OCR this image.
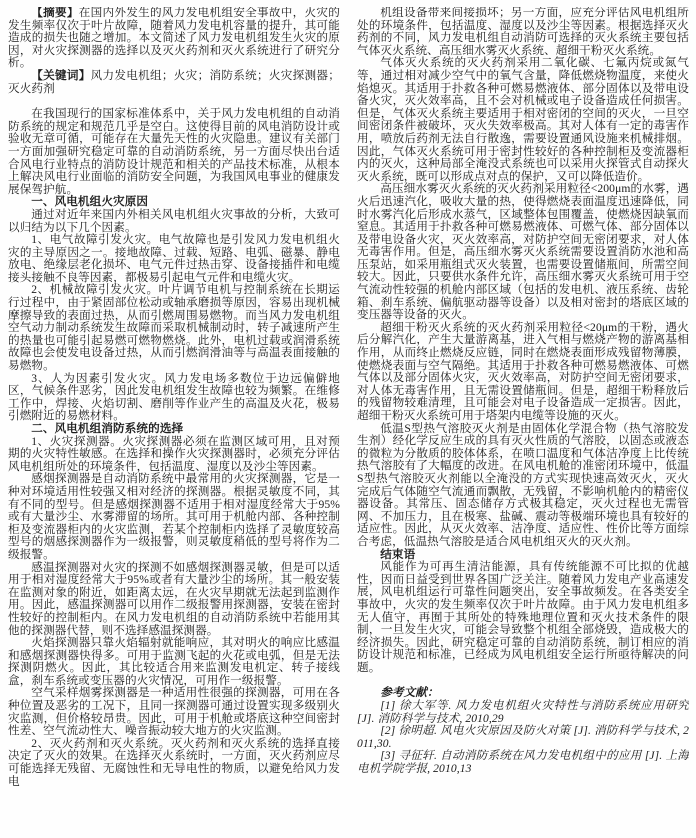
【摘要】在国内外发生的风力发电机组安全事故中，火灾的发生频率仅次于叶片故障，随着风力发电机容量的提升，其可能造成的损失也随之增加。本文简述了风力发电机组发生火灾的原因，对火灾探测器的选择以及灭火药剂和灭火系统进行了研究分析。

【关键词】风力发电机组；火灾；消防系统；火灾探测器；灭火药剂

在我国现行的国家标准体系中，关于风力发电机组的自动消防系统的规定和规范几乎是空白。这使得目前的风电消防设计或验收无章可循，可能存在大量先天性的火灾隐患。建议有关部门一方面加强研究稳定可靠的自动消防系统，另一方面尽快出台适合风电行业特点的消防设计规范和相关的产品技术标准，从根本上解决风电行业面临的消防安全问题，为我国风电事业的健康发展保驾护航。

一、风电机组火灾原因

通过对近年来国内外相关风电机组火灾事故的分析，大致可以归结为以下几个因素。

1、电气故障引发火灾。电气故障也是引发风力发电机组火灾的主导原因之一。接地故障、过载、短路、电弧、磁暴、静电放电、绝缘层老化损坏、电气元件过热击穿、设备接插件和电缆接头接触不良等因素，都极易引起电气元件和电缆火灾。

2、机械故障引发火灾。叶片调节电机与控制系统在长期运行过程中，由于紧固部位松动或轴承磨损等原因，容易出现机械摩擦导致的表面过热，从而引燃周围易燃物。而当风力发电机组空气动力制动系统发生故障而采取机械制动时，转子减速所产生的热量也可能引起易燃可燃物燃烧。此外，电机过载或润滑系统故障也会使发电设备过热，从而引燃润滑油等与高温表面接触的易燃物。

3、人为因素引发火灾。风力发电场多数位于边远偏僻地区，气候条件恶劣，因此发电机组发生故障也较为频繁。在维修工作中，焊接、火焰切割、磨削等作业产生的高温及火花，极易引燃附近的易燃材料。

二、风电机组消防系统的选择

1、火灾探测器。火灾探测器必须在监测区域可用，且对预期的火灾特性敏感。在选择和操作火灾探测器时，必须充分评估风电机组所处的环境条件，包括温度、湿度以及沙尘等因素。

感烟探测器是自动消防系统中最常用的火灾探测器，它是一种对环境适用性较强又相对经济的探测器。根据灵敏度不同，其有不同的型号。但是感烟探测器不适用于相对湿度经常大于95%或有大量沙尘、水雾滞留的场所。其可用于机舱内部、各种控制柜及变流器柜内的火灾监测，若某个控制柜内选择了灵敏度较高型号的烟感探测器作为一级报警，则灵敏度稍低的型号将作为二级报警。

感温探测器对火灾的探测不如感烟探测器灵敏，但是可以适用于相对湿度经常大于95%或者有大量沙尘的场所。其一般安装在监测对象的附近，如距离太远，在火灾早期就无法起到监测作用。因此，感温探测器可以用作二级报警用探测器，安装在密封性较好的控制柜内。在风力发电机组的自动消防系统中若能用其他的探测器代替，则不选择感温探测器。

火焰探测器只靠火焰辐射就能响应，其对明火的响应比感温和感烟探测器快得多。可用于监测飞起的火花或电弧，但是无法探测阴燃火。因此，其比较适合用来监测发电机定、转子接线盒，刹车系统或变压器的火灾情况，可用作一级报警。

空气采样烟雾探测器是一种适用性很强的探测器，可用在各种位置及恶劣的工况下，且同一探测器可通过设置实现多级别火灾监测，但价格较昂贵。因此，可用于机舱或塔底这种空间密封性差、空气流动性大、噪音振动较大地方的火灾监测。

2、灭火药剂和灭火系统。灭火药剂和灭火系统的选择直接决定了灭火的效果。在选择灭火系统时，一方面，灭火药剂应尽可能选择无残留、无腐蚀性和无导电性的物质，以避免给风力发电

机组设备带来间接损坏；另一方面，应充分评估风电机组所处的环境条件，包括温度、湿度以及沙尘等因素。根据选择灭火药剂的不同，风力发电机组自动消防可选择的灭火系统主要包括气体灭火系统、高压细水雾灭火系统、超细干粉灭火系统。

气体灭火系统的灭火药剂采用二氧化碳、七氟丙烷或氮气等，通过相对减少空气中的氧气含量，降低燃烧物温度，来使火焰熄灭。其适用于扑救各种可燃易燃液体、部分固体以及带电设备火灾，灭火效率高，且不会对机械或电子设备造成任何损害。但是，气体灭火系统主要适用于相对密闭的空间的灭火，一旦空间密闭条件被破坏，灭火失效率极高。其对人体有一定的毒害作用，喷放后药剂无法自行散逸，需要设置通风设施来机械排烟。因此，气体灭火系统可用于密封性较好的各种控制柜及变流器柜内的灭火，这种局部全淹没式系统也可以采用火探管式自动探火灭火系统，既可以形成点对点的保护，又可以降低造价。

高压细水雾灭火系统的灭火药剂采用粒径<200μm的水雾，遇火后迅速汽化，吸收大量的热，使得燃烧表面温度迅速降低，同时水雾汽化后形成水蒸气，区域整体包围覆盖，使燃烧因缺氧而窒息。其适用于扑救各种可燃易燃液体、可燃气体、部分固体以及带电设备火灾，灭火效率高，对防护空间无密闭要求，对人体无毒害作用。但是，高压细水雾灭火系统需要设置消防水池和高压泵站，如采用瓶组式灭火装置，也需要设置储瓶间，所需空间较大。因此，只要供水条件允许，高压细水雾灭火系统可用于空气流动性较强的机舱内部区域（包括的发电机、液压系统、齿轮箱、刹车系统、偏航驱动器等设备）以及相对密封的塔底区域的变压器等设备的灭火。

超细干粉灭火系统的灭火药剂采用粒径<20μm的干粉，遇火后分解汽化，产生大量游离基，进入气相与燃烧产物的游离基相作用，从而终止燃烧反应链，同时在燃烧表面形成残留物薄膜，使燃烧表面与空气隔绝。其适用于扑救各种可燃易燃液体、可燃气体以及部分固体火灾，灭火效率高，对防护空间无密闭要求，对人体无毒害作用，且无需设置储瓶间。但是，超细干粉释放后的残留物较难清理，且可能会对电子设备造成一定损害。因此，超细干粉灭火系统可用于塔架内电缆等设施的灭火。

低温S型热气溶胶灭火剂是由固体化学混合物（热气溶胶发生剂）经化学反应生成的具有灭火性质的气溶胶，以固态或液态的微粒为分散质的胶体体系，在喷口温度和气体洁净度上比传统热气溶胶有了大幅度的改进。在风电机舱的准密闭环境中，低温S型热气溶胶灭火剂能以全淹没的方式实现快速高效灭火，灭火完成后气体随空气流通而飘散，无残留，不影响机舱内的精密仪器设备。其常压、固态储存方式极其稳定，灭火过程也无需管网、不加压力，且在极寒、盐碱、震动等极端环境也具有较好的适应性。因此，从灭火效率、洁净度、适应性、性价比等方面综合考虑，低温热气溶胶是适合风电机组灭火的灭火剂。

结束语

风能作为可再生清洁能源，具有传统能源不可比拟的优越性，因而日益受到世界各国广泛关注。随着风力发电产业高速发展，风电机组运行可靠性问题突出，安全事故频发。在各类安全事故中，火灾的发生频率仅次于叶片故障。由于风力发电机组多无人值守，再囿于其所处的特殊地理位置和灭火技术条件的限制，一旦发生火灾，可能会导致整个机组全部烧毁，造成极大的经济损失。因此，研究稳定可靠的自动消防系统，制订相应的消防设计规范和标准，已经成为风电机组安全运行所亟待解决的问题。

参考文献：

[1] 徐大军等. 风力发电机组火灾特性与消防系统应用研究 [J]. 消防科学与技术, 2010,29

[2] 徐明超. 风电火灾原因及防火对策 [J]. 消防科学与技术, 2011,30.

[3] 寻征轩. 自动消防系统在风力发电机组中的应用 [J]. 上海电机学院学报, 2010,13
